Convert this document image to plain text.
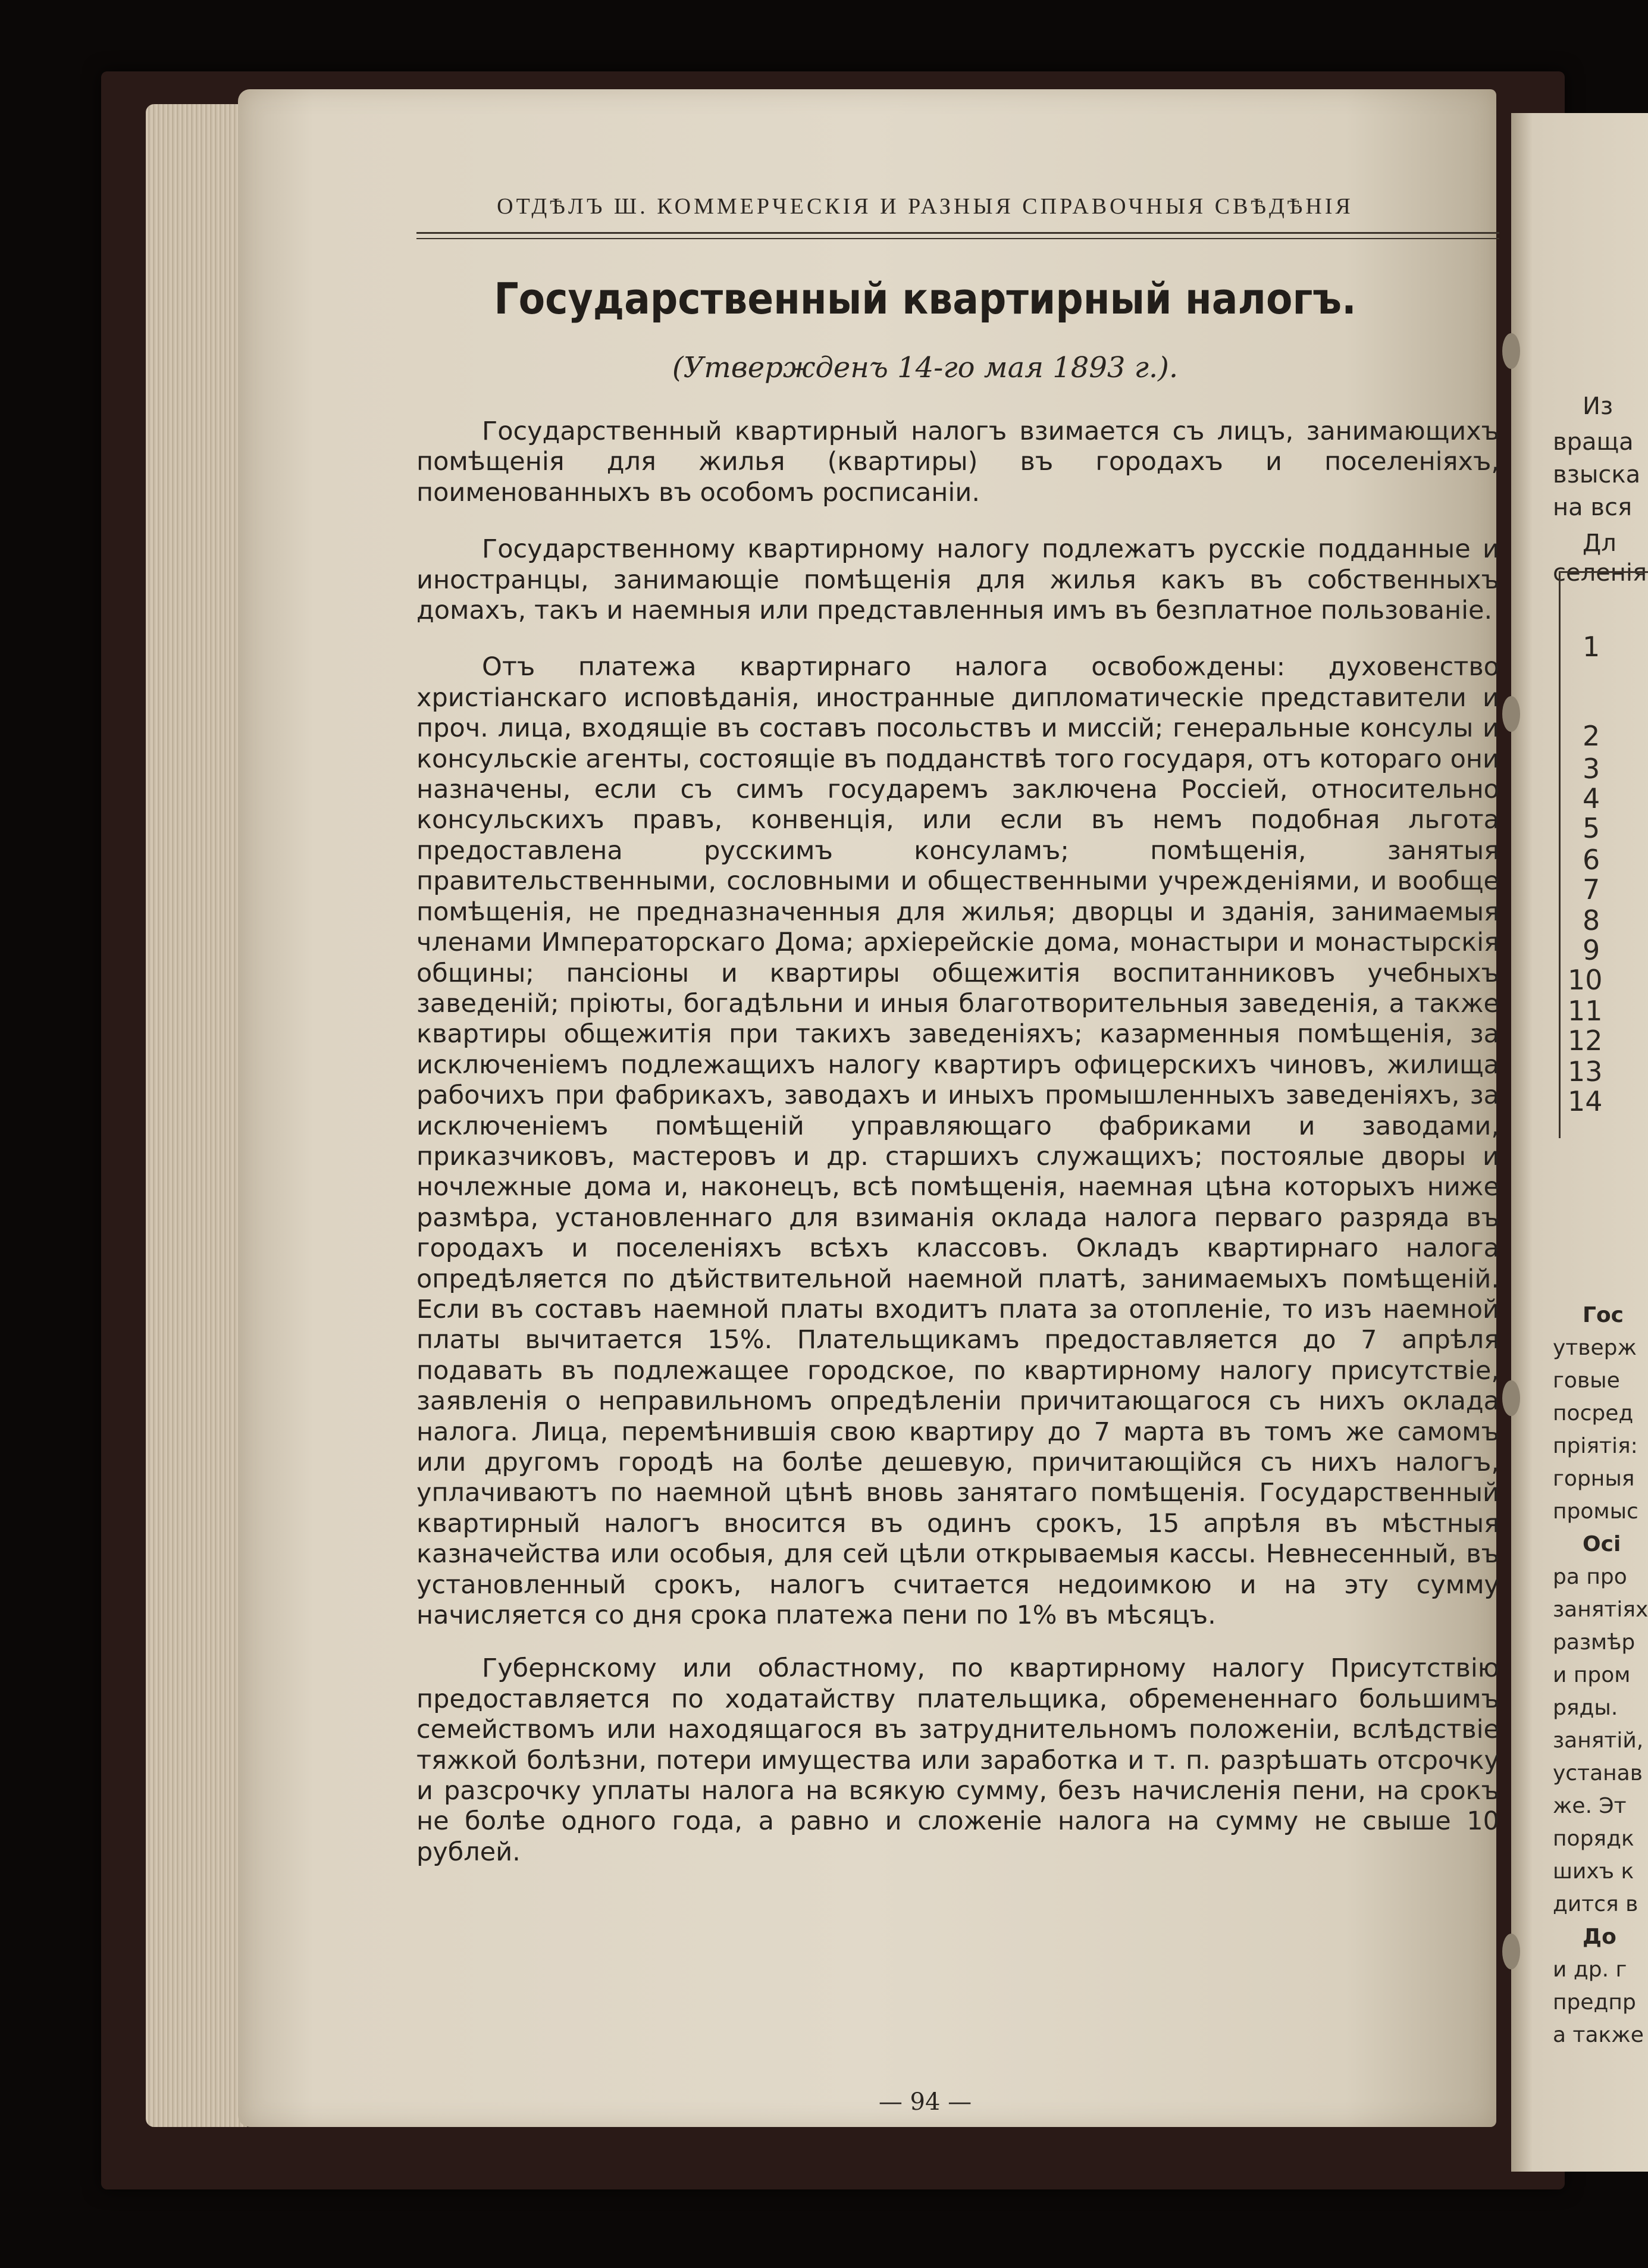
Из
враща
взыска
на вся
Дл
селенія
1
2
3
4
5
6
7
8
9
10
11
12
13
14
Гос
утверж
говые
посред
пріятія:
горныя
промыс
Осі
ра про
занятіях
размѣр
и пром
ряды.
занятій,
устанав
же. Эт
порядк
шихъ к
дится в
До
и др. г
предпр
а также
ОТДѢЛЪ Ш. КОММЕРЧЕСКІЯ И РАЗНЫЯ СПРАВОЧНЫЯ СВѢДѢНІЯ
Государственный квартирный налогъ.
(Утвержденъ 14-го мая 1893 г.).

Государственный квартирный налогъ взимается съ лицъ, занимающихъ помѣщенія для жилья (квартиры) въ городахъ и поселеніяхъ, поименованныхъ въ особомъ росписаніи.

Государственному квартирному налогу подлежатъ русскіе подданные и иностранцы, занимающіе помѣщенія для жилья какъ въ собственныхъ домахъ, такъ и наемныя или представленныя имъ въ безплатное пользованіе.

Отъ платежа квартирнаго налога освобождены: духовенство христіанскаго исповѣданія, иностранные дипломатическіе представители и проч. лица, входящіе въ составъ посольствъ и миссій; генеральные консулы и консульскіе агенты, состоящіе въ подданствѣ того государя, отъ котораго они назначены, если съ симъ государемъ заключена Россіей, относительно консульскихъ правъ, конвенція, или если въ немъ подобная льгота предоставлена русскимъ консуламъ; помѣщенія, занятыя правительственными, сословными и общественными учрежденіями, и вообще помѣщенія, не предназначенныя для жилья; дворцы и зданія, занимаемыя членами Императорскаго Дома; архіерейскіе дома, монастыри и монастырскія общины; пансіоны и квартиры общежитія воспитанниковъ учебныхъ заведеній; пріюты, богадѣльни и иныя благотворительныя заведенія, а также квартиры общежитія при такихъ заведеніяхъ; казарменныя помѣщенія, за исключеніемъ подлежащихъ налогу квартиръ офицерскихъ чиновъ, жилища рабочихъ при фабрикахъ, заводахъ и иныхъ промышленныхъ заведеніяхъ, за исключеніемъ помѣщеній управляющаго фабриками и заводами, приказчиковъ, мастеровъ и др. старшихъ служащихъ; постоялые дворы и ночлежные дома и, наконецъ, всѣ помѣщенія, наемная цѣна которыхъ ниже размѣра, установленнаго для взиманія оклада налога перваго разряда въ городахъ и поселеніяхъ всѣхъ классовъ. Окладъ квартирнаго налога опредѣляется по дѣйствительной наемной платѣ, занимаемыхъ помѣщеній. Если въ составъ наемной платы входитъ плата за отопленіе, то изъ наемной платы вычитается 15%. Плательщикамъ предоставляется до 7 апрѣля подавать въ подлежащее городское, по квартирному налогу присутствіе, заявленія о неправильномъ опредѣленіи причитающагося съ нихъ оклада налога. Лица, перемѣнившія свою квартиру до 7 марта въ томъ же самомъ или другомъ городѣ на болѣе дешевую, причитающійся съ нихъ налогъ, уплачиваютъ по наемной цѣнѣ вновь занятаго помѣщенія. Государственный квартирный налогъ вносится въ одинъ срокъ, 15 апрѣля въ мѣстныя казначейства или особыя, для сей цѣли открываемыя кассы. Невнесенный, въ установленный срокъ, налогъ считается недоимкою и на эту сумму начисляется со дня срока платежа пени по 1% въ мѣсяцъ.

Губернскому или областному, по квартирному налогу Присутствію предоставляется по ходатайству плательщика, обремененнаго большимъ семействомъ или находящагося въ затруднительномъ положеніи, вслѣдствіе тяжкой болѣзни, потери имущества или заработка и т. п. разрѣшать отсрочку и разсрочку уплаты налога на всякую сумму, безъ начисленія пени, на срокъ не болѣе одного года, а равно и сложеніе налога на сумму не свыше 10 рублей.

— 94 —
